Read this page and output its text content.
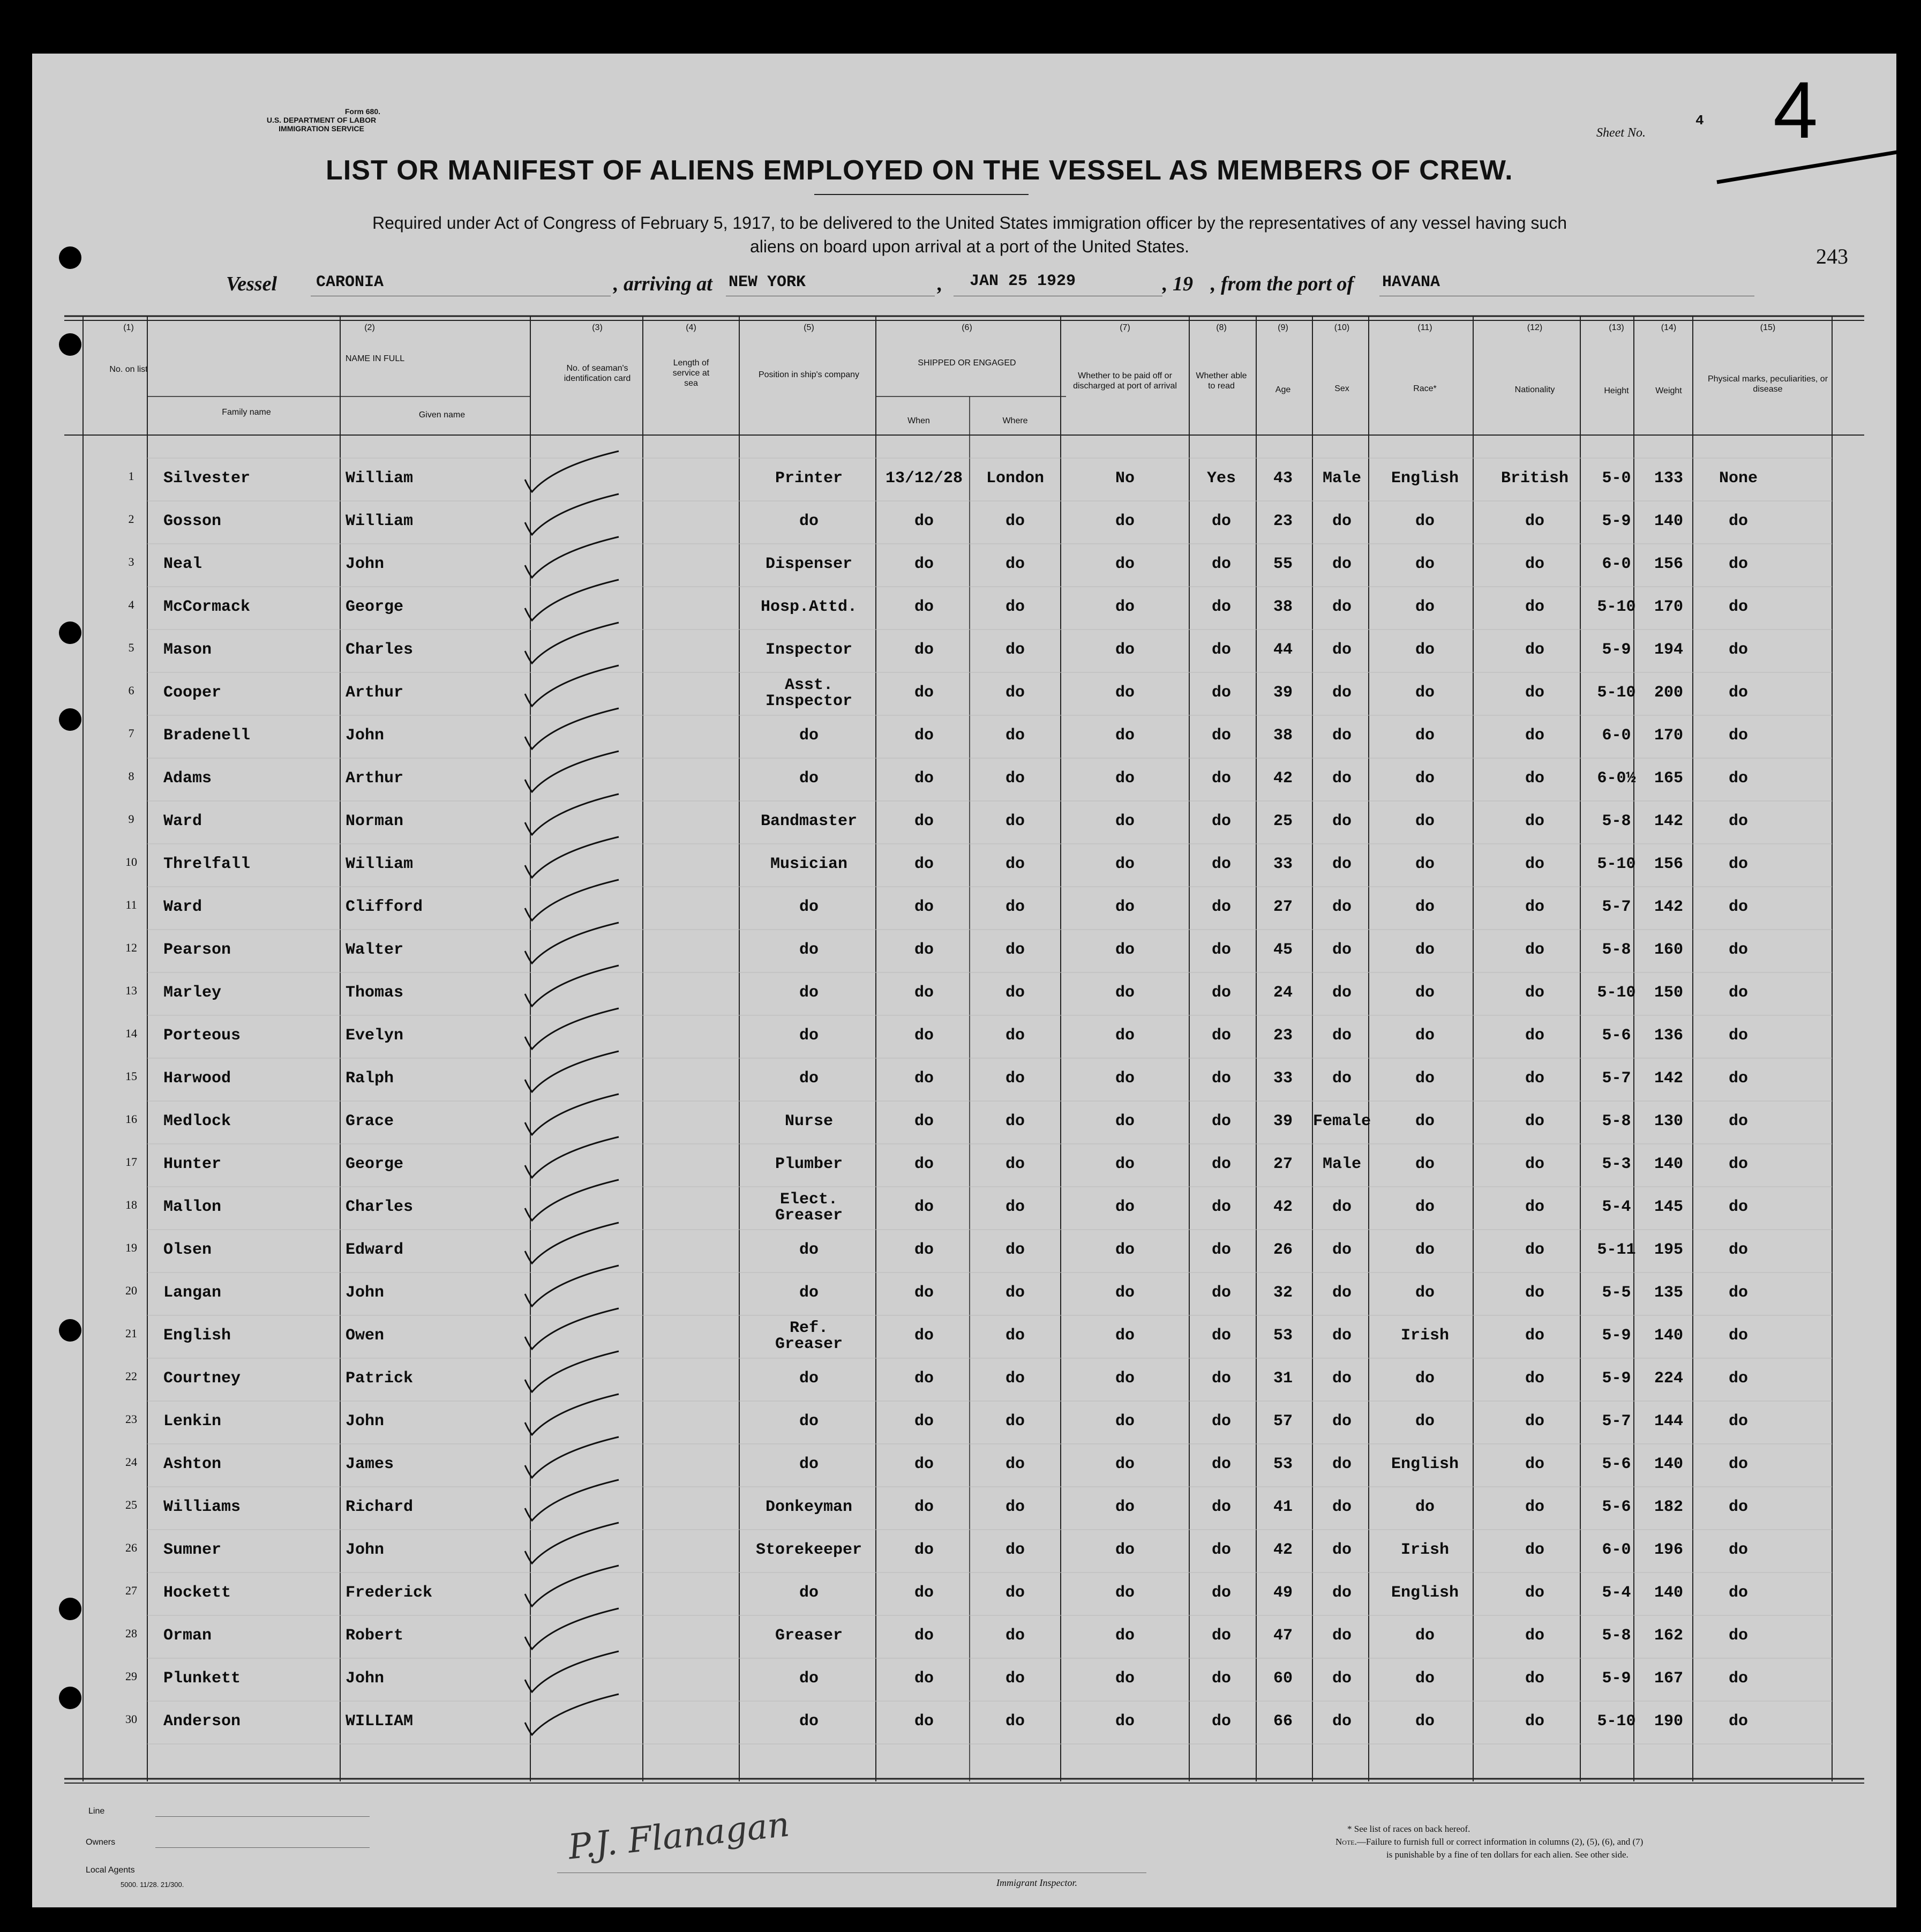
Form 680.
U.S. DEPARTMENT OF LABOR
IMMIGRATION SERVICE	Sheet No.
4 4
243
LIST OR MANIFEST OF ALIENS EMPLOYED ON THE VESSEL AS MEMBERS OF CREW.
Required under Act of Congress of February 5, 1917, to be delivered to the United States immigration officer by the representatives of any vessel having such
aliens on board upon arrival at a port of the United States.
Vessel CARONIA	, arriving at NEW YORK	, JAN 25 1929	, 19 , from the port of HAVANA
(1)
No. on list
(2)
NAME IN FULL
Family name	Given name
(3)
No. of seaman's identification card
(4)
Length of service at sea
(5)
Position in ship's company
(6)
SHIPPED OR ENGAGED
When	Where
(7)
Whether to be paid off or discharged at port of arrival
(8)
Whether able to read
(9)
Age
(10)
Sex
(11)
Race*
(12)
Nationality
(13)
Height
(14)
Weight
(15)
Physical marks, peculiarities, or disease
1	Silvester	William	Printer	13/12/28	London	No	Yes	43	Male	English	British	5-0	133	None
2	Gosson	William	do	do	do	do	do	23	do	do	do	5-9	140	do
3	Neal	John	Dispenser	do	do	do	do	55	do	do	do	6-0	156	do
4	McCormack	George	Hosp.Attd.	do	do	do	do	38	do	do	do	5-10	170	do
5	Mason	Charles	Inspector	do	do	do	do	44	do	do	do	5-9	194	do
6	Cooper	Arthur	Asst.
Inspector	do	do	do	do	39	do	do	do	5-10	200	do
7	Bradenell	John	do	do	do	do	do	38	do	do	do	6-0	170	do
8	Adams	Arthur	do	do	do	do	do	42	do	do	do	6-0½	165	do
9	Ward	Norman	Bandmaster	do	do	do	do	25	do	do	do	5-8	142	do
10	Threlfall	William	Musician	do	do	do	do	33	do	do	do	5-10	156	do
11	Ward	Clifford	do	do	do	do	do	27	do	do	do	5-7	142	do
12	Pearson	Walter	do	do	do	do	do	45	do	do	do	5-8	160	do
13	Marley	Thomas	do	do	do	do	do	24	do	do	do	5-10	150	do
14	Porteous	Evelyn	do	do	do	do	do	23	do	do	do	5-6	136	do
15	Harwood	Ralph	do	do	do	do	do	33	do	do	do	5-7	142	do
16	Medlock	Grace	Nurse	do	do	do	do	39	Female	do	do	5-8	130	do
17	Hunter	George	Plumber	do	do	do	do	27	Male	do	do	5-3	140	do
18	Mallon	Charles	Elect.
Greaser	do	do	do	do	42	do	do	do	5-4	145	do
19	Olsen	Edward	do	do	do	do	do	26	do	do	do	5-11	195	do
20	Langan	John	do	do	do	do	do	32	do	do	do	5-5	135	do
21	English	Owen	Ref.
Greaser	do	do	do	do	53	do	Irish	do	5-9	140	do
22	Courtney	Patrick	do	do	do	do	do	31	do	do	do	5-9	224	do
23	Lenkin	John	do	do	do	do	do	57	do	do	do	5-7	144	do
24	Ashton	James	do	do	do	do	do	53	do	English	do	5-6	140	do
25	Williams	Richard	Donkeyman	do	do	do	do	41	do	do	do	5-6	182	do
26	Sumner	John	Storekeeper	do	do	do	do	42	do	Irish	do	6-0	196	do
27	Hockett	Frederick	do	do	do	do	do	49	do	English	do	5-4	140	do
28	Orman	Robert	Greaser	do	do	do	do	47	do	do	do	5-8	162	do
29	Plunkett	John	do	do	do	do	do	60	do	do	do	5-9	167	do
30	Anderson	WILLIAM	do	do	do	do	do	66	do	do	do	5-10	190	do
Line
Owners
Local Agents
5000. 11/28. 21/300.
P.J. Flanagan
Immigrant Inspector.
* See list of races on back hereof.
Note.—Failure to furnish full or correct information in columns (2), (5), (6), and (7)
is punishable by a fine of ten dollars for each alien. See other side.
